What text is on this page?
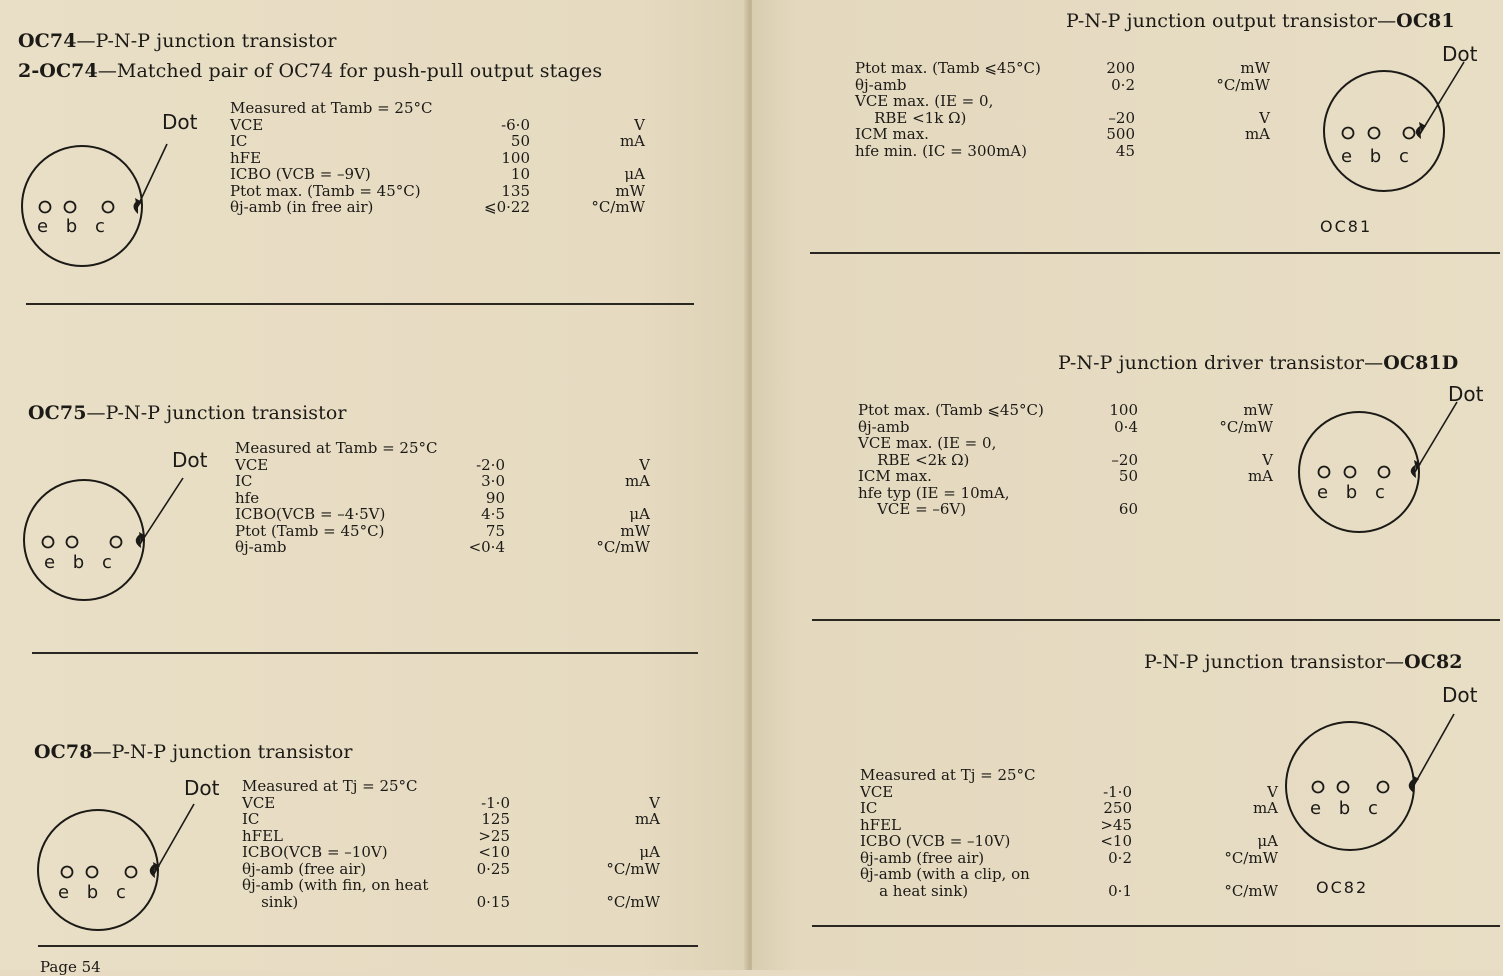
OC74—P-N-P junction transistor
2-OC74—Matched pair of OC74 for push-pull output stages
Measured at Tamb = 25°C
VCE	-6·0	V
IC	50	mA
hFE	100
ICBO (VCB = –9V)	10	μA
Ptot max. (Tamb = 45°C)	135	mW
θj-amb (in free air)	⩽0·22	°C/mW
Dot
e b c
OC75—P-N-P junction transistor
Measured at Tamb = 25°C
VCE	-2·0	V
IC	3·0	mA
hfe	90
ICBO(VCB = –4·5V)	4·5	μA
Ptot (Tamb = 45°C)	75	mW
θj-amb	<0·4	°C/mW
Dot
e b c
OC78—P-N-P junction transistor
Measured at Tj = 25°C
VCE	-1·0	V
IC	125	mA
hFEL	>25
ICBO(VCB = –10V)	<10	μA
θj-amb (free air)	0·25	°C/mW
θj-amb (with fin, on heat
sink)	0·15	°C/mW
Dot
e b c
Page 54
P-N-P junction output transistor—OC81
Ptot max. (Tamb ⩽45°C)	200	mW
θj-amb	0·2	°C/mW
VCE max. (IE = 0,
RBE <1k Ω)	–20	V
ICM max.	500	mA
hfe min. (IC = 300mA)	45
Dot
e b c
OC81
P-N-P junction driver transistor—OC81D
Ptot max. (Tamb ⩽45°C)	100	mW
θj-amb	0·4	°C/mW
VCE max. (IE = 0,
RBE <2k Ω)	–20	V
ICM max.	50	mA
hfe typ (IE = 10mA,
VCE = –6V)	60
Dot
e b c
P-N-P junction transistor—OC82
Measured at Tj = 25°C
VCE	-1·0	V
IC	250	mA
hFEL	>45
ICBO (VCB = –10V)	<10	μA
θj-amb (free air)	0·2	°C/mW
θj-amb (with a clip, on
a heat sink)	0·1	°C/mW
Dot
e b c
OC82
